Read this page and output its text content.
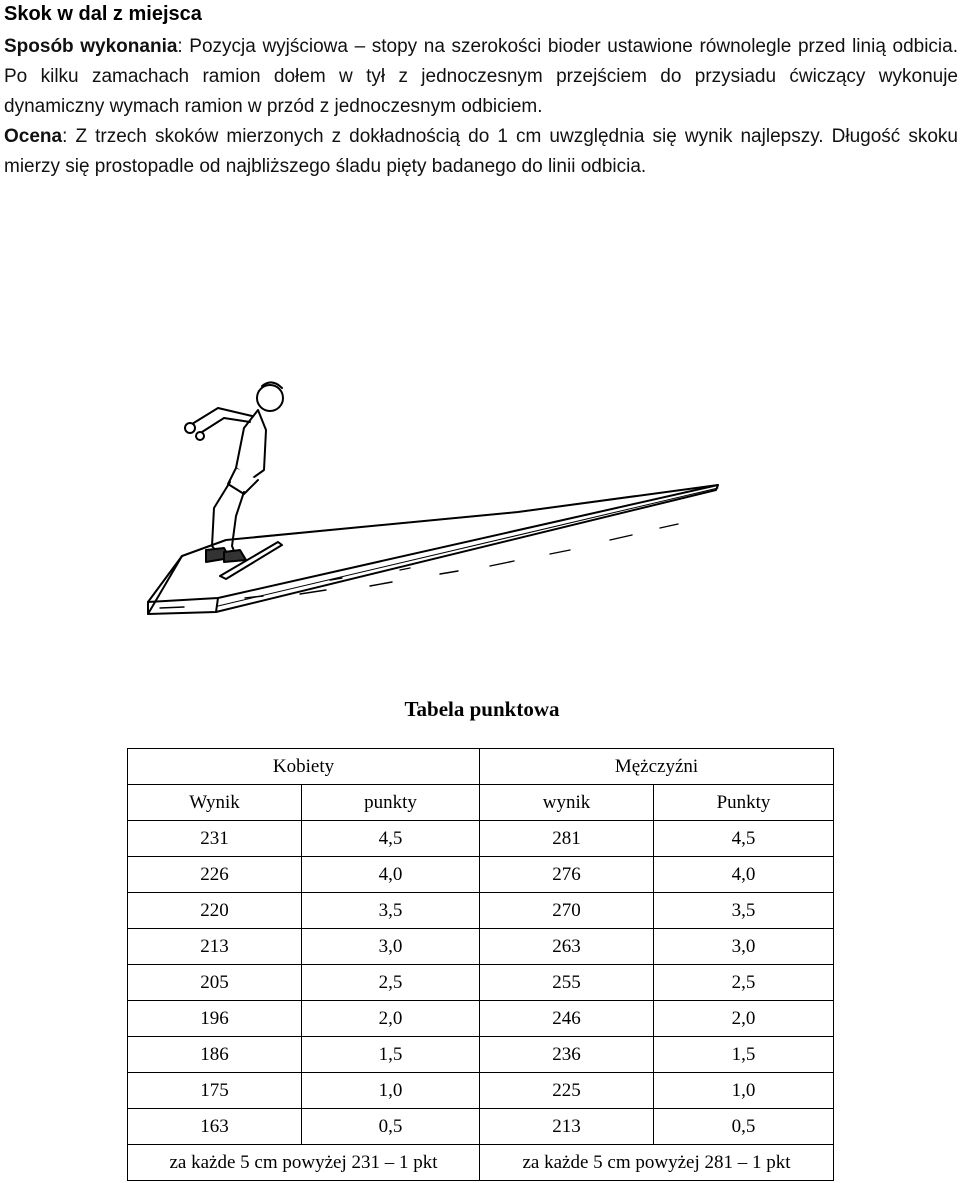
Skok w dal z miejsca

Sposób wykonania: Pozycja wyjściowa – stopy na szerokości bioder ustawione równolegle przed linią odbicia. Po kilku zamachach ramion dołem w tył z jednoczesnym przejściem do przysiadu ćwiczący wykonuje dynamiczny wymach ramion w przód z jednoczesnym odbiciem.

Ocena: Z trzech skoków mierzonych z dokładnością do 1 cm uwzględnia się wynik najlepszy. Długość skoku mierzy się prostopadle od najbliższego śladu pięty badanego do linii odbicia.

Tabela punktowa
Kobiety		Mężczyźni	
Wynik	punkty	wynik	Punkty
231	4,5	281	4,5
226	4,0	276	4,0
220	3,5	270	3,5
213	3,0	263	3,0
205	2,5	255	2,5
196	2,0	246	2,0
186	1,5	236	1,5
175	1,0	225	1,0
163	0,5	213	0,5
za każde 5 cm powyżej 231 – 1 pkt		za każde 5 cm powyżej 281 – 1 pkt	
